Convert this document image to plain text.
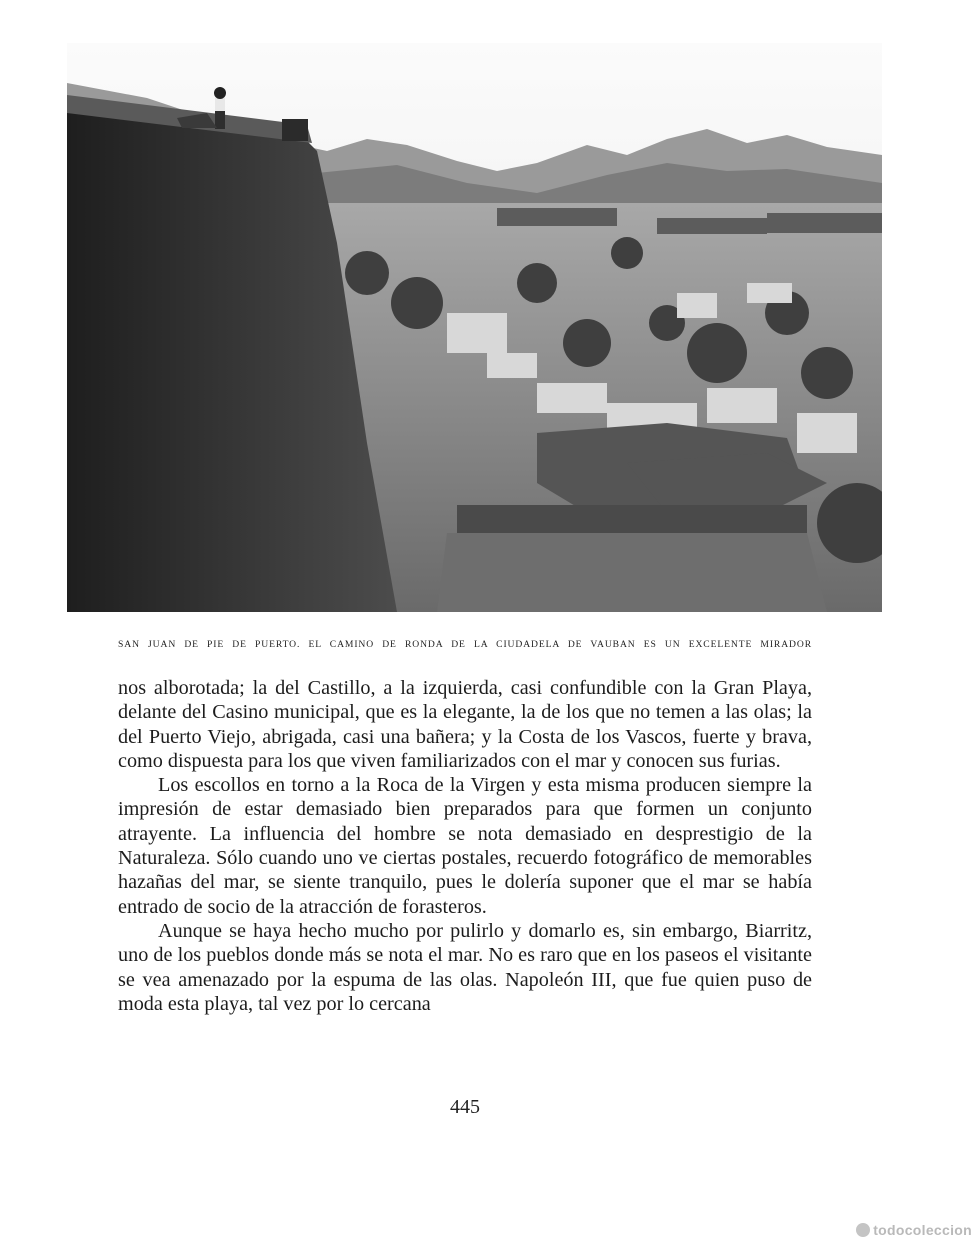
SAN JUAN DE PIE DE PUERTO. EL CAMINO DE RONDA DE LA CIUDADELA DE VAUBAN ES UN EXCELENTE MIRADOR

nos alborotada; la del Castillo, a la izquierda, casi confundible con la Gran Playa, delante del Casino municipal, que es la elegante, la de los que no temen a las olas; la del Puerto Viejo, abrigada, casi una bañera; y la Costa de los Vascos, fuerte y brava, como dispuesta para los que viven familiarizados con el mar y conocen sus furias.

Los escollos en torno a la Roca de la Virgen y esta misma producen siempre la impresión de estar demasiado bien preparados para que formen un conjunto atrayente. La influencia del hombre se nota demasiado en desprestigio de la Naturaleza. Sólo cuando uno ve ciertas postales, recuerdo fotográfico de memorables hazañas del mar, se siente tranquilo, pues le dolería suponer que el mar se había entrado de socio de la atracción de forasteros.

Aunque se haya hecho mucho por pulirlo y domarlo es, sin embargo, Biarritz, uno de los pueblos donde más se nota el mar. No es raro que en los paseos el visitante se vea amenazado por la espuma de las olas. Napoleón III, que fue quien puso de moda esta playa, tal vez por lo cercana

445
todocoleccion
